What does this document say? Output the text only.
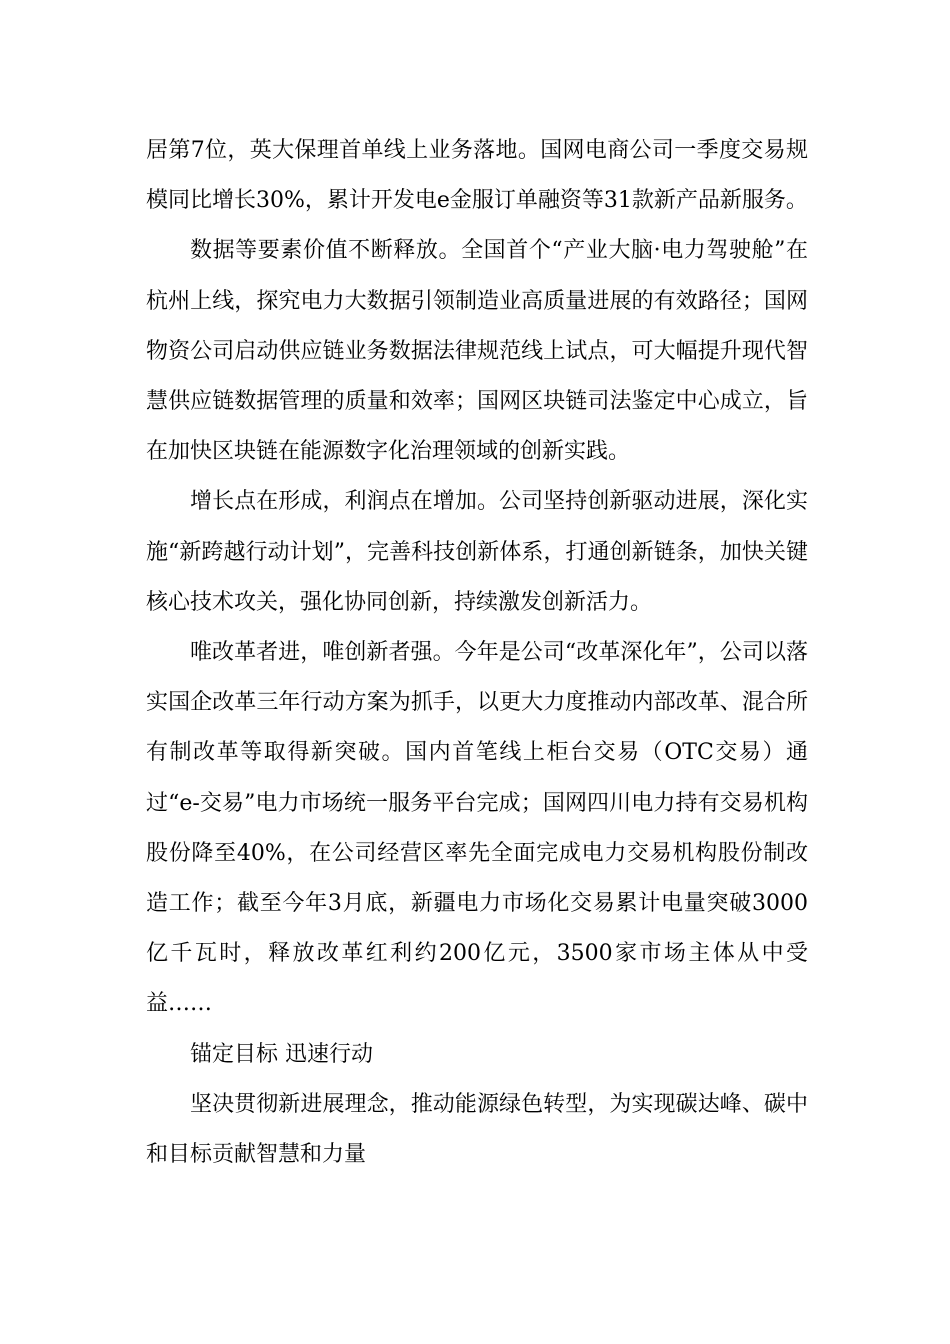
居第7位，英大保理首单线上业务落地。国网电商公司一季度交易规模同比增长30%，累计开发电e金服订单融资等31款新产品新服务。

数据等要素价值不断释放。全国首个“产业大脑·电力驾驶舱”在杭州上线，探究电力大数据引领制造业高质量进展的有效路径；国网物资公司启动供应链业务数据法律规范线上试点，可大幅提升现代智慧供应链数据管理的质量和效率；国网区块链司法鉴定中心成立，旨在加快区块链在能源数字化治理领域的创新实践。

增长点在形成，利润点在增加。公司坚持创新驱动进展，深化实施“新跨越行动计划”，完善科技创新体系，打通创新链条，加快关键核心技术攻关，强化协同创新，持续激发创新活力。

唯改革者进，唯创新者强。今年是公司“改革深化年”，公司以落实国企改革三年行动方案为抓手，以更大力度推动内部改革、混合所有制改革等取得新突破。国内首笔线上柜台交易（OTC交易）通过“e-交易”电力市场统一服务平台完成；国网四川电力持有交易机构股份降至40%，在公司经营区率先全面完成电力交易机构股份制改造工作；截至今年3月底，新疆电力市场化交易累计电量突破3000亿千瓦时，释放改革红利约200亿元，3500家市场主体从中受益……

锚定目标 迅速行动

坚决贯彻新进展理念，推动能源绿色转型，为实现碳达峰、碳中和目标贡献智慧和力量
